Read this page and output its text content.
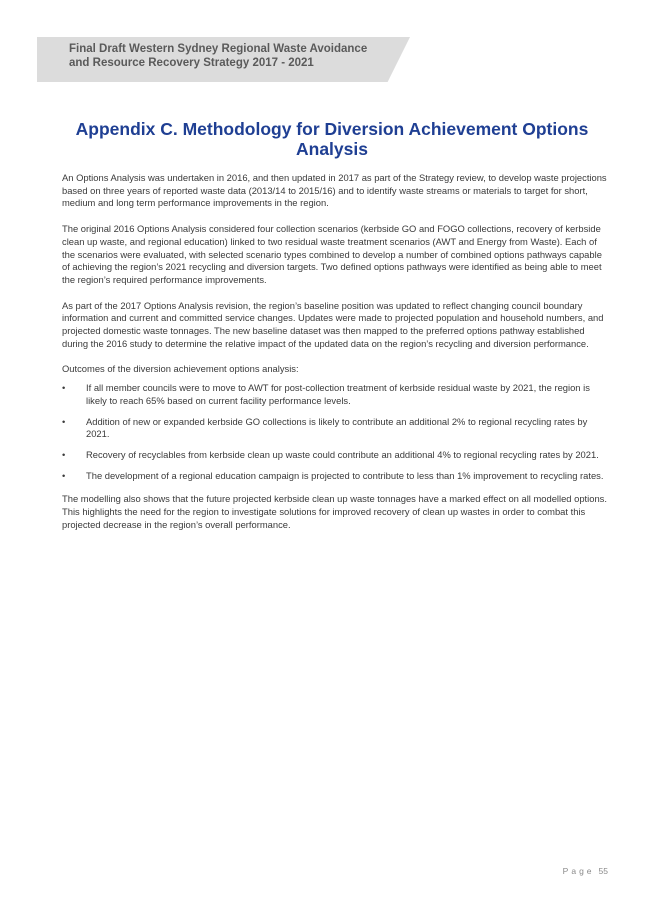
Final Draft Western Sydney Regional Waste Avoidance
and Resource Recovery Strategy 2017 - 2021
Appendix C. Methodology for Diversion Achievement Options
Analysis

An Options Analysis was undertaken in 2016, and then updated in 2017 as part of the Strategy review, to develop waste projections based on three years of reported waste data (2013/14 to 2015/16) and to identify waste streams or materials to target for short, medium and long term performance improvements in the region.

The original 2016 Options Analysis considered four collection scenarios (kerbside GO and FOGO collections, recovery of kerbside clean up waste, and regional education) linked to two residual waste treatment scenarios (AWT and Energy from Waste). Each of the scenarios were evaluated, with selected scenario types combined to develop a number of combined options pathways capable of achieving the region’s 2021 recycling and diversion targets. Two defined options pathways were identified as being able to meet the region’s required performance improvements.

As part of the 2017 Options Analysis revision, the region’s baseline position was updated to reflect changing council boundary information and current and committed service changes. Updates were made to projected population and household numbers, and projected domestic waste tonnages. The new baseline dataset was then mapped to the preferred options pathway established during the 2016 study to determine the relative impact of the updated data on the region’s recycling and diversion performance.

Outcomes of the diversion achievement options analysis:

•	If all member councils were to move to AWT for post-collection treatment of kerbside residual waste by 2021, the region is likely to reach 65% based on current facility performance levels.
•	Addition of new or expanded kerbside GO collections is likely to contribute an additional 2% to regional recycling rates by 2021.
•	Recovery of recyclables from kerbside clean up waste could contribute an additional 4% to regional recycling rates by 2021.
•	The development of a regional education campaign is projected to contribute to less than 1% improvement to recycling rates.

The modelling also shows that the future projected kerbside clean up waste tonnages have a marked effect on all modelled options. This highlights the need for the region to investigate solutions for improved recovery of clean up wastes in order to combat this projected decrease in the region’s overall performance.

Page 55
